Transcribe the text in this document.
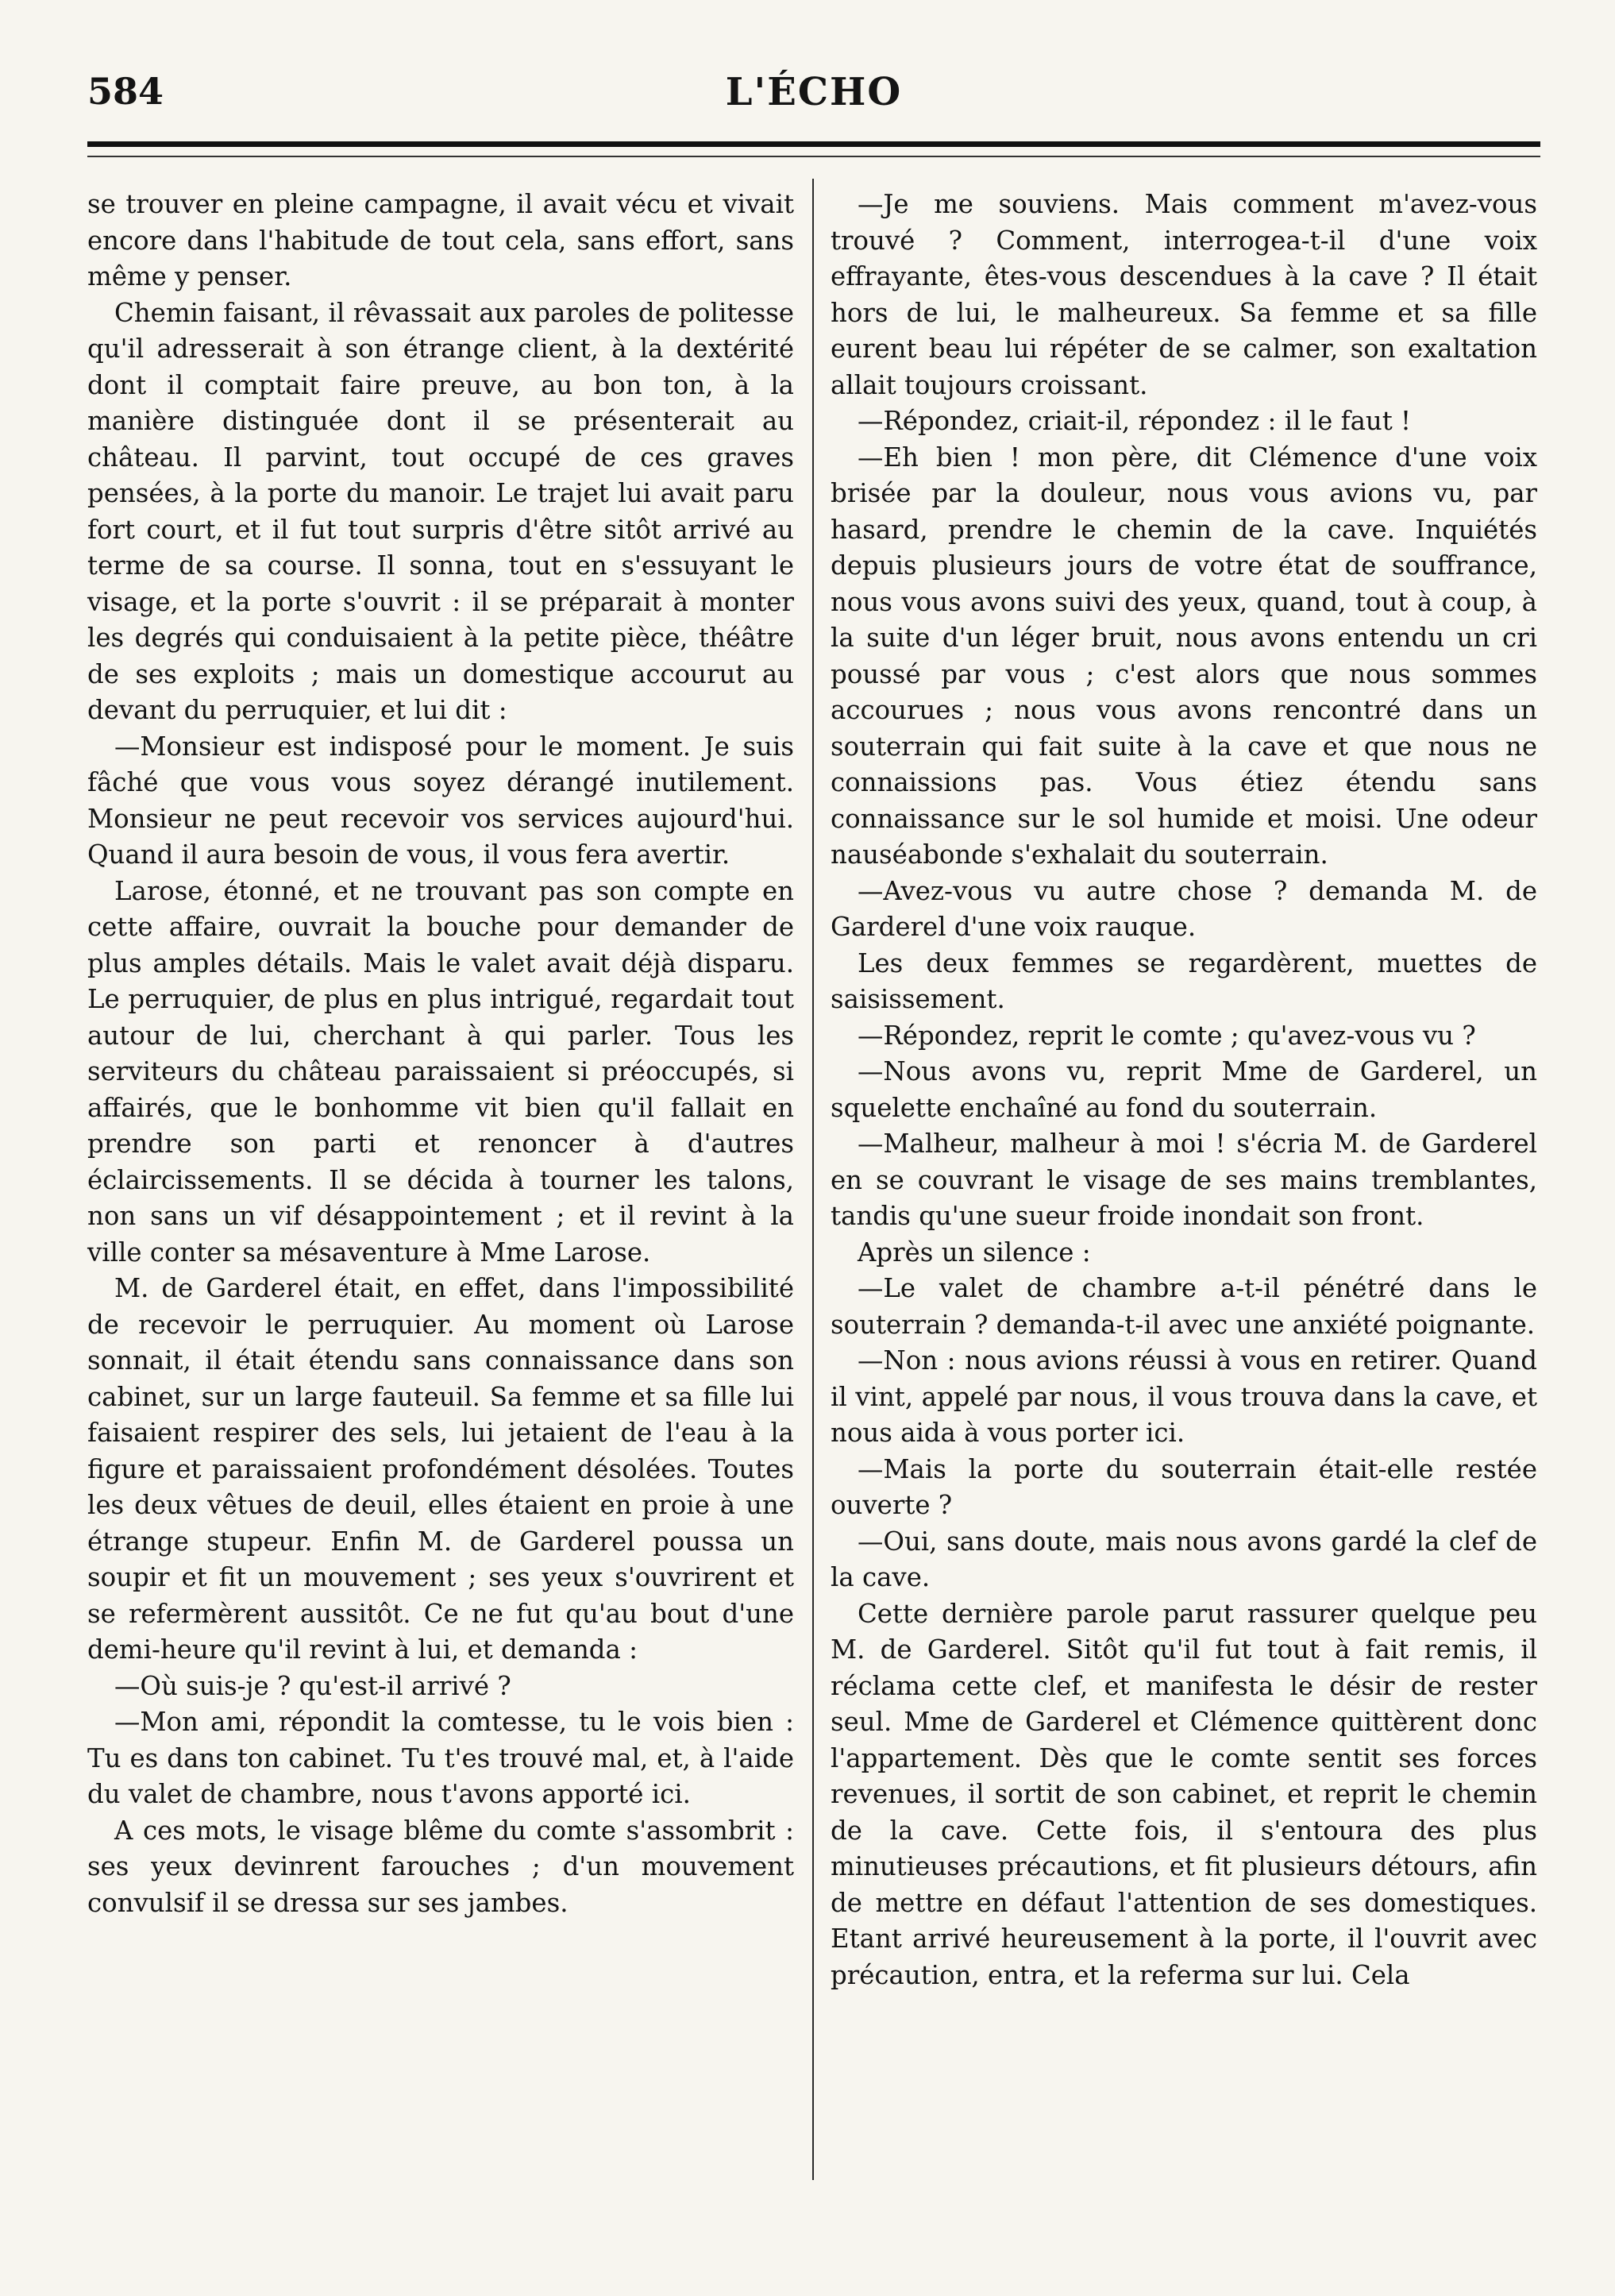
584	L'ÉCHO

se trouver en pleine campagne, il avait vécu et vivait encore dans l'habitude de tout cela, sans effort, sans même y penser.

Chemin faisant, il rêvassait aux paroles de politesse qu'il adresserait à son étrange client, à la dextérité dont il comptait faire preuve, au bon ton, à la manière distinguée dont il se présenterait au château. Il parvint, tout occupé de ces graves pensées, à la porte du manoir. Le trajet lui avait paru fort court, et il fut tout surpris d'être sitôt arrivé au terme de sa course. Il sonna, tout en s'essuyant le visage, et la porte s'ouvrit : il se préparait à monter les degrés qui conduisaient à la petite pièce, théâtre de ses exploits ; mais un domestique accourut au devant du perruquier, et lui dit :

—Monsieur est indisposé pour le moment. Je suis fâché que vous vous soyez dérangé inutilement. Monsieur ne peut recevoir vos services aujourd'hui. Quand il aura besoin de vous, il vous fera avertir.

Larose, étonné, et ne trouvant pas son compte en cette affaire, ouvrait la bouche pour demander de plus amples détails. Mais le valet avait déjà disparu. Le perruquier, de plus en plus intrigué, regardait tout autour de lui, cherchant à qui parler. Tous les serviteurs du château paraissaient si préoccupés, si affairés, que le bonhomme vit bien qu'il fallait en prendre son parti et renoncer à d'autres éclaircissements. Il se décida à tourner les talons, non sans un vif désappointement ; et il revint à la ville conter sa mésaventure à Mme Larose.

M. de Garderel était, en effet, dans l'impossibilité de recevoir le perruquier. Au moment où Larose sonnait, il était étendu sans connaissance dans son cabinet, sur un large fauteuil. Sa femme et sa fille lui faisaient respirer des sels, lui jetaient de l'eau à la figure et paraissaient profondément désolées. Toutes les deux vêtues de deuil, elles étaient en proie à une étrange stupeur. Enfin M. de Garderel poussa un soupir et fit un mouvement ; ses yeux s'ouvrirent et se refermèrent aussitôt. Ce ne fut qu'au bout d'une demi-heure qu'il revint à lui, et demanda :

—Où suis-je ? qu'est-il arrivé ?

—Mon ami, répondit la comtesse, tu le vois bien : Tu es dans ton cabinet. Tu t'es trouvé mal, et, à l'aide du valet de chambre, nous t'avons apporté ici.

A ces mots, le visage blême du comte s'assombrit : ses yeux devinrent farouches ; d'un mouvement convulsif il se dressa sur ses jambes.

—Je me souviens. Mais comment m'avez-vous trouvé ? Comment, interrogea-t-il d'une voix effrayante, êtes-vous descendues à la cave ? Il était hors de lui, le malheureux. Sa femme et sa fille eurent beau lui répéter de se calmer, son exaltation allait toujours croissant.

—Répondez, criait-il, répondez : il le faut !

—Eh bien ! mon père, dit Clémence d'une voix brisée par la douleur, nous vous avions vu, par hasard, prendre le chemin de la cave. Inquiétés depuis plusieurs jours de votre état de souffrance, nous vous avons suivi des yeux, quand, tout à coup, à la suite d'un léger bruit, nous avons entendu un cri poussé par vous ; c'est alors que nous sommes accourues ; nous vous avons rencontré dans un souterrain qui fait suite à la cave et que nous ne connaissions pas. Vous étiez étendu sans connaissance sur le sol humide et moisi. Une odeur nauséabonde s'exhalait du souterrain.

—Avez-vous vu autre chose ? demanda M. de Garderel d'une voix rauque.

Les deux femmes se regardèrent, muettes de saisissement.

—Répondez, reprit le comte ; qu'avez-vous vu ?

—Nous avons vu, reprit Mme de Garderel, un squelette enchaîné au fond du souterrain.

—Malheur, malheur à moi ! s'écria M. de Garderel en se couvrant le visage de ses mains tremblantes, tandis qu'une sueur froide inondait son front.

Après un silence :

—Le valet de chambre a-t-il pénétré dans le souterrain ? demanda-t-il avec une anxiété poignante.

—Non : nous avions réussi à vous en retirer. Quand il vint, appelé par nous, il vous trouva dans la cave, et nous aida à vous porter ici.

—Mais la porte du souterrain était-elle restée ouverte ?

—Oui, sans doute, mais nous avons gardé la clef de la cave.

Cette dernière parole parut rassurer quelque peu M. de Garderel. Sitôt qu'il fut tout à fait remis, il réclama cette clef, et manifesta le désir de rester seul. Mme de Garderel et Clémence quittèrent donc l'appartement. Dès que le comte sentit ses forces revenues, il sortit de son cabinet, et reprit le chemin de la cave. Cette fois, il s'entoura des plus minutieuses précautions, et fit plusieurs détours, afin de mettre en défaut l'attention de ses domestiques. Etant arrivé heureusement à la porte, il l'ouvrit avec précaution, entra, et la referma sur lui. Cela
